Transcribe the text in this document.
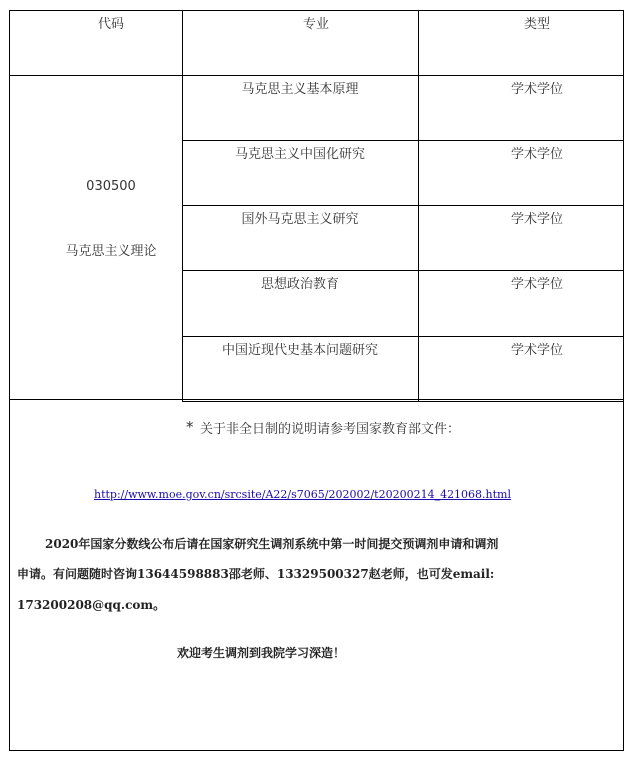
代码	专业	类型
030500
马克思主义理论
马克思主义基本原理	学术学位
马克思主义中国化研究	学术学位
国外马克思主义研究	学术学位
思想政治教育	学术学位
中国近现代史基本问题研究	学术学位
* 关于非全日制的说明请参考国家教育部文件：
http://www.moe.gov.cn/srcsite/A22/s7065/202002/t20200214_421068.html
2020年国家分数线公布后请在国家研究生调剂系统中第一时间提交预调剂申请和调剂
申请。有问题随时咨询13644598883邵老师、13329500327赵老师，也可发email:
173200208@qq.com。
欢迎考生调剂到我院学习深造！
